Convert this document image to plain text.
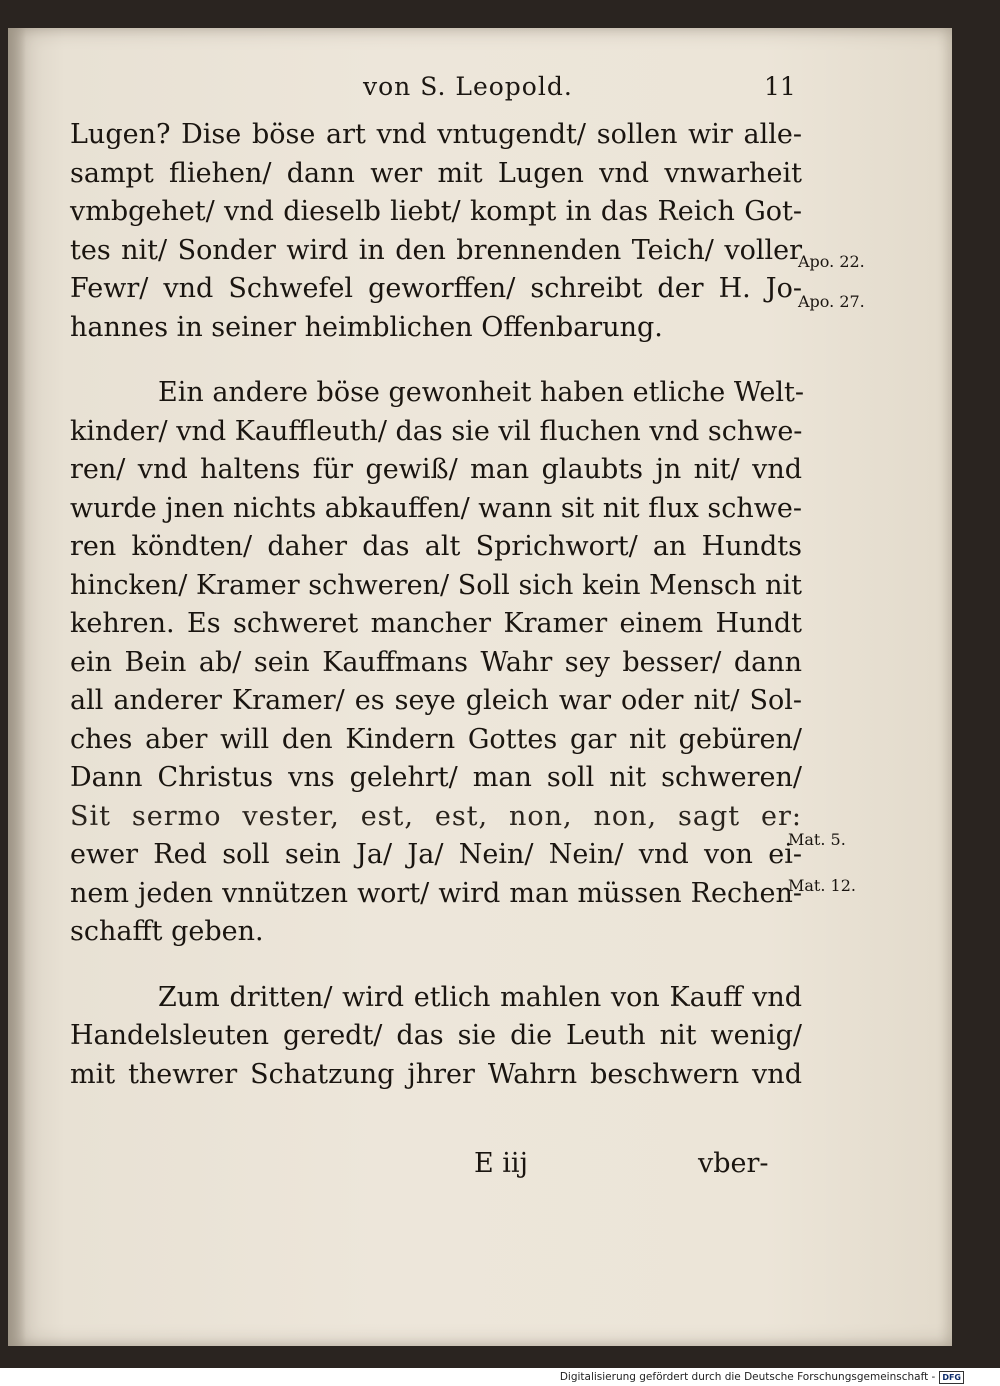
von S. Leopold.	11

Lugen? Dise böse art vnd vntugendt/ sollen wir alle-
sampt fliehen/ dann wer mit Lugen vnd vnwarheit
vmbgehet/ vnd dieselb liebt/ kompt in das Reich Got-
tes nit/ Sonder wird in den brennenden Teich/ voller
Fewr/ vnd Schwefel geworffen/ schreibt der H. Jo-
hannes in seiner heimblichen Offenbarung.

Ein andere böse gewonheit haben etliche Welt-
kinder/ vnd Kauffleuth/ das sie vil fluchen vnd schwe-
ren/ vnd haltens für gewiß/ man glaubts jn nit/ vnd
wurde jnen nichts abkauffen/ wann sit nit flux schwe-
ren köndten/ daher das alt Sprichwort/ an Hundts
hincken/ Kramer schweren/ Soll sich kein Mensch nit
kehren. Es schweret mancher Kramer einem Hundt
ein Bein ab/ sein Kauffmans Wahr sey besser/ dann
all anderer Kramer/ es seye gleich war oder nit/ Sol-
ches aber will den Kindern Gottes gar nit gebüren/
Dann Christus vns gelehrt/ man soll nit schweren/
Sit sermo vester, est, est, non, non, sagt er:
ewer Red soll sein Ja/ Ja/ Nein/ Nein/ vnd von ei-
nem jeden vnnützen wort/ wird man müssen Rechen-
schafft geben.

Zum dritten/ wird etlich mahlen von Kauff vnd
Handelsleuten geredt/ das sie die Leuth nit wenig/
mit thewrer Schatzung jhrer Wahrn beschwern vnd

E iij	vber-
Apo. 22.
Apo. 27.
Mat. 5.
Mat. 12.
Digitalisierung gefördert durch die Deutsche Forschungsgemeinschaft - DFG
